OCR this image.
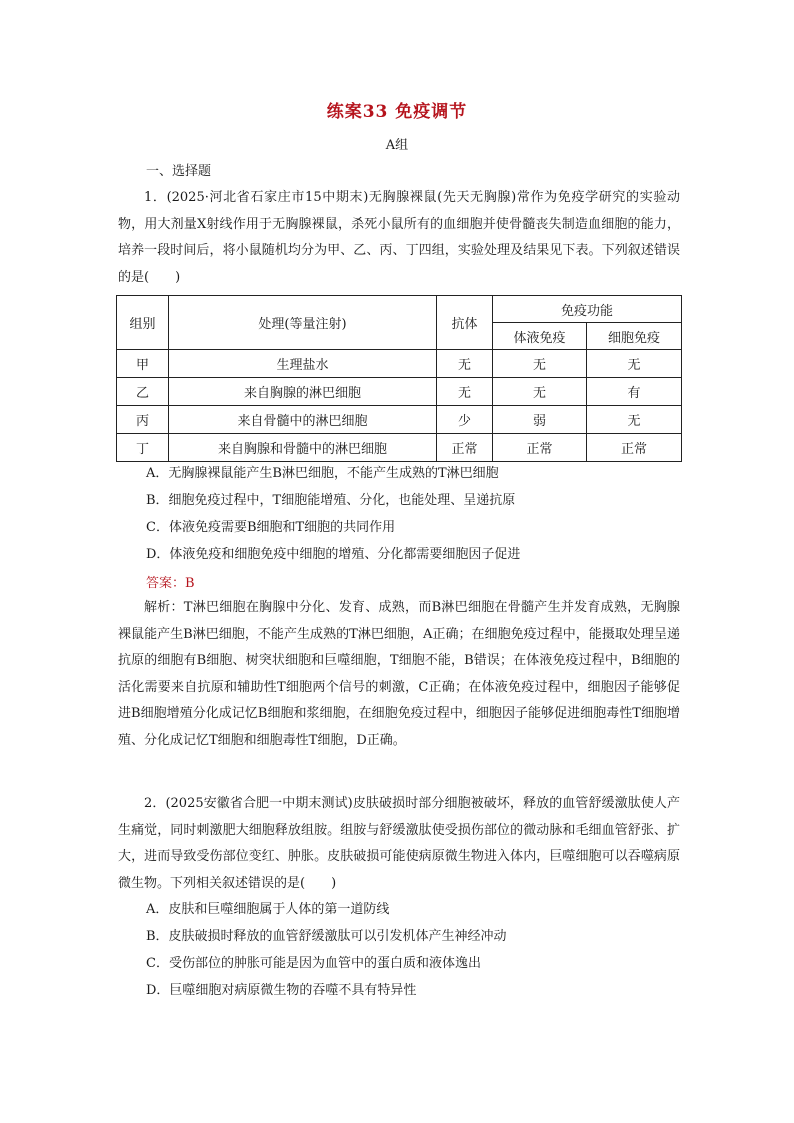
练案33 免疫调节
A组
一、选择题
1．(2025·河北省石家庄市15中期末)无胸腺裸鼠(先天无胸腺)常作为免疫学研究的实验动物，用大剂量X射线作用于无胸腺裸鼠，杀死小鼠所有的血细胞并使骨髓丧失制造血细胞的能力，培养一段时间后，将小鼠随机均分为甲、乙、丙、丁四组，实验处理及结果见下表。下列叙述错误的是(　　)
组别	处理(等量注射)	抗体	免疫功能	
			体液免疫	细胞免疫
甲	生理盐水	无	无	无
乙	来自胸腺的淋巴细胞	无	无	有
丙	来自骨髓中的淋巴细胞	少	弱	无
丁	来自胸腺和骨髓中的淋巴细胞	正常	正常	正常
A．无胸腺裸鼠能产生B淋巴细胞，不能产生成熟的T淋巴细胞
B．细胞免疫过程中，T细胞能增殖、分化，也能处理、呈递抗原
C．体液免疫需要B细胞和T细胞的共同作用
D．体液免疫和细胞免疫中细胞的增殖、分化都需要细胞因子促进
答案：B
解析：T淋巴细胞在胸腺中分化、发育、成熟，而B淋巴细胞在骨髓产生并发育成熟，无胸腺裸鼠能产生B淋巴细胞，不能产生成熟的T淋巴细胞，A正确；在细胞免疫过程中，能摄取处理呈递抗原的细胞有B细胞、树突状细胞和巨噬细胞，T细胞不能，B错误；在体液免疫过程中，B细胞的活化需要来自抗原和辅助性T细胞两个信号的刺激，C正确；在体液免疫过程中，细胞因子能够促进B细胞增殖分化成记忆B细胞和浆细胞，在细胞免疫过程中，细胞因子能够促进细胞毒性T细胞增殖、分化成记忆T细胞和细胞毒性T细胞，D正确。
2．(2025安徽省合肥一中期末测试)皮肤破损时部分细胞被破坏，释放的血管舒缓激肽使人产生痛觉，同时刺激肥大细胞释放组胺。组胺与舒缓激肽使受损伤部位的微动脉和毛细血管舒张、扩大，进而导致受伤部位变红、肿胀。皮肤破损可能使病原微生物进入体内，巨噬细胞可以吞噬病原微生物。下列相关叙述错误的是(　　)
A．皮肤和巨噬细胞属于人体的第一道防线
B．皮肤破损时释放的血管舒缓激肽可以引发机体产生神经冲动
C．受伤部位的肿胀可能是因为血管中的蛋白质和液体逸出
D．巨噬细胞对病原微生物的吞噬不具有特异性
